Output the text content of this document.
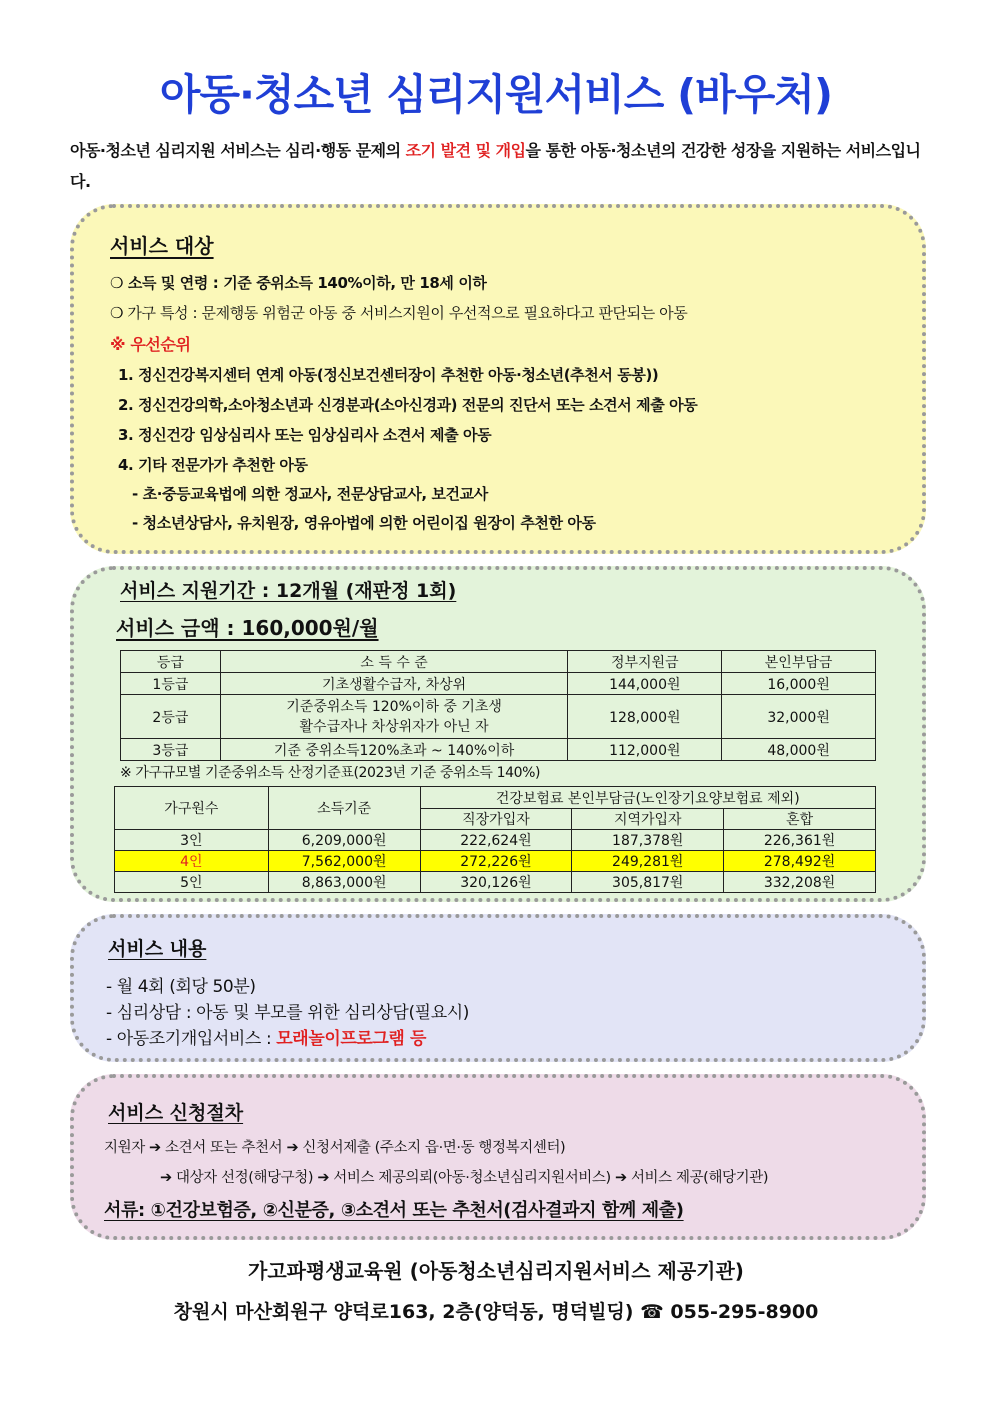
아동·청소년 심리지원서비스 (바우처)
아동·청소년 심리지원 서비스는 심리·행동 문제의 조기 발견 및 개입을 통한 아동·청소년의 건강한 성장을 지원하는 서비스입니다.
서비스 대상
❍ 소득 및 연령 : 기준 중위소득 140%이하, 만 18세 이하
❍ 가구 특성 : 문제행동 위험군 아동 중 서비스지원이 우선적으로 필요하다고 판단되는 아동
※ 우선순위
1. 정신건강복지센터 연계 아동(정신보건센터장이 추천한 아동·청소년(추천서 동봉))
2. 정신건강의학,소아청소년과 신경분과(소아신경과) 전문의 진단서 또는 소견서 제출 아동
3. 정신건강 임상심리사 또는 임상심리사 소견서 제출 아동
4. 기타 전문가가 추천한 아동
- 초·중등교육법에 의한 정교사, 전문상담교사, 보건교사
- 청소년상담사, 유치원장, 영유아법에 의한 어린이집 원장이 추천한 아동
서비스 지원기간 : 12개월 (재판정 1회)
서비스 금액 : 160,000원/월
등급	소 득 수 준	정부지원금	본인부담금
1등급	기초생활수급자, 차상위	144,000원	16,000원
2등급	기준중위소득 120%이하 중 기초생활수급자나 차상위자가 아닌 자	128,000원	32,000원
3등급	기준 중위소득120%초과 ~ 140%이하	112,000원	48,000원
※ 가구규모별 기준중위소득 산정기준표(2023년 기준 중위소득 140%)
가구원수	소득기준	건강보험료 본인부담금(노인장기요양보험료 제외)		
		직장가입자	지역가입자	혼합
3인	6,209,000원	222,624원	187,378원	226,361원
4인	7,562,000원	272,226원	249,281원	278,492원
5인	8,863,000원	320,126원	305,817원	332,208원
서비스 내용
- 월 4회 (회당 50분)
- 심리상담 : 아동 및 부모를 위한 심리상담(필요시)
- 아동조기개입서비스 : 모래놀이프로그램 등
서비스 신청절차
지원자 ➔ 소견서 또는 추천서 ➔ 신청서제출 (주소지 읍·면·동 행정복지센터)
➔ 대상자 선정(해당구청) ➔ 서비스 제공의뢰(아동·청소년심리지원서비스) ➔ 서비스 제공(해당기관)
서류: ①건강보험증, ②신분증, ③소견서 또는 추천서(검사결과지 함께 제출)
가고파평생교육원 (아동청소년심리지원서비스 제공기관)
창원시 마산회원구 양덕로163, 2층(양덕동, 명덕빌딩) ☎ 055-295-8900
